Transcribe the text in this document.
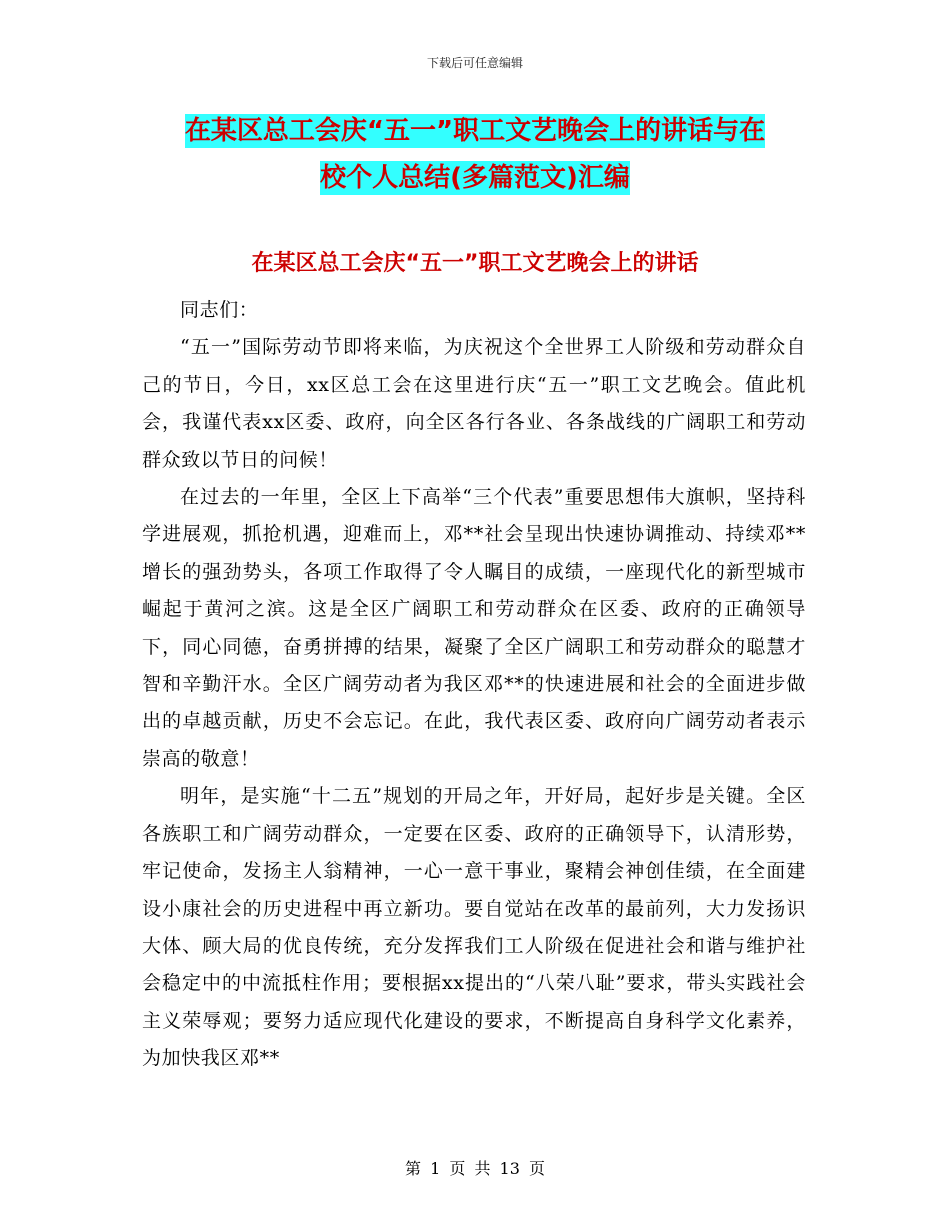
下载后可任意编辑
在某区总工会庆“五一”职工文艺晚会上的讲话与在
校个人总结(多篇范文)汇编
在某区总工会庆“五一”职工文艺晚会上的讲话

同志们：

“五一”国际劳动节即将来临，为庆祝这个全世界工人阶级和劳动群众自己的节日，今日，xx区总工会在这里进行庆“五一”职工文艺晚会。值此机会，我谨代表xx区委、政府，向全区各行各业、各条战线的广阔职工和劳动群众致以节日的问候！

在过去的一年里，全区上下高举“三个代表”重要思想伟大旗帜，坚持科学进展观，抓抢机遇，迎难而上，邓**社会呈现出快速协调推动、持续邓**增长的强劲势头，各项工作取得了令人瞩目的成绩，一座现代化的新型城市崛起于黄河之滨。这是全区广阔职工和劳动群众在区委、政府的正确领导下，同心同德，奋勇拼搏的结果，凝聚了全区广阔职工和劳动群众的聪慧才智和辛勤汗水。全区广阔劳动者为我区邓**的快速进展和社会的全面进步做出的卓越贡献，历史不会忘记。在此，我代表区委、政府向广阔劳动者表示崇高的敬意！

明年，是实施“十二五”规划的开局之年，开好局，起好步是关键。全区各族职工和广阔劳动群众，一定要在区委、政府的正确领导下，认清形势，牢记使命，发扬主人翁精神，一心一意干事业，聚精会神创佳绩，在全面建设小康社会的历史进程中再立新功。要自觉站在改革的最前列，大力发扬识大体、顾大局的优良传统，充分发挥我们工人阶级在促进社会和谐与维护社会稳定中的中流抵柱作用；要根据xx提出的“八荣八耻”要求，带头实践社会主义荣辱观；要努力适应现代化建设的要求，不断提高自身科学文化素养，为加快我区邓**

第 1 页 共 13 页
